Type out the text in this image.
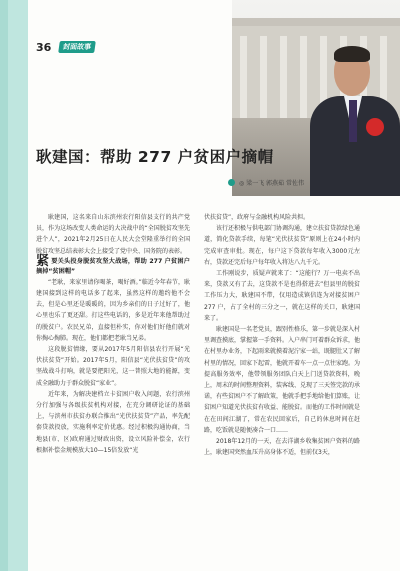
36	封面故事
耿建国：帮助 277 户贫困户摘帽
◎ 梁一飞 郭燕茹 常佐伟

耿建国，这名来自山东滨州农行阳信县支行的共产党员，作为这场改变人类命运的大决战中的“全国脱贫攻坚先进个人”，2021年2月25日在人民大会堂隆重举行的全国脱贫攻坚总结表彰大会上接受了党中央、国务院的表彰。

紧要关头投身脱贫攻坚大战场，帮助 277 户贫困户摘掉“贫困帽”

“老耿，来家里请你喝茶，喝好酒。”临近今年春节，耿建国接到这样的电话多了起来，虽然这样的邀约他不会去，但是心里还是暖暖的，因为乡亲们的日子过好了，他心里也乐了更还甜。打这些电话的，多是近年来他帮助过的脱贫户。农民兄弟，直接但朴实，你对他们好他们就对你掏心掏肺。现在，他们都把老耿当兄弟。

这段脱贫情缘，要从2017年5月阳信县农行开展“光伏扶贫贷”开始。2017年5月，阳信县“光伏扶贫贷”的攻坚战战斗打响，就是要把阳光，这一普照大地的能源，变成全融助力于群众脱贫“家业”。

近年来，为解决建档立卡贫困户收入问题，农行滨州分行加强与各级扶贫机构对接，在充分调研论证的基础上，与滨州市扶贫办联合推出“光伏扶贫贷”产品，率先配套贷款投放，实施利率定价优惠。经过积极沟通协商，当地县(市、区)政府通过财政出资，设立风险补偿金，农行根据补偿金规模放大10—15倍发放“光

伏扶贫贷”，政府与金融机构风险共担。

该行还积极与供电部门协调沟通，建立扶贫贷款绿色通道，简化贷款手续，每笔“光伏扶贫贷”原则上在24小时内完成审查审批。现在，每户这下贷款每年收入3000元左右，贷款还完后每户每年收入将达八九千元。

工作刚说步，质疑声就来了：“这能行？万一电卖不出来，贷款又有了去，这贷款不是也得搭进去”但县里的脱贫工作压力大，耿建国不带，仅用造成镇信连为对接贫困户 277 户，占了全村的三分之一，就在这样的关口，耿建国来了。

耿建国是一名老党员，跟别性格乐，第一步就是深入村里调查摸底，掌握第一手资料。入户串门可着群众诉求，他在村里办业务，下起雨来就摸着泥泞家一站，既腿肚又了解村里的情况，回家下起雷，他就开着车一点一点往家跑。为提高服务效率，他带领服务团队白天上门送贷款资料，晚上，周末的时间整理资料，装客线、兑现了三天签完款的承诺，有些贫困户不了解政策，他就手把手地给他们算账，让贫困户知道光伏扶贫有收益、能脱贫。而他的工作时间就是在在田间江湖了，常在农民回家后，自己的休息时间在赶路，吃饭就是随便凑合一口……

2018年12月的一天，在去洋湖乡收集贫困户资料的路上，耿建国突然血压升高身体不适，但前仅3天，
